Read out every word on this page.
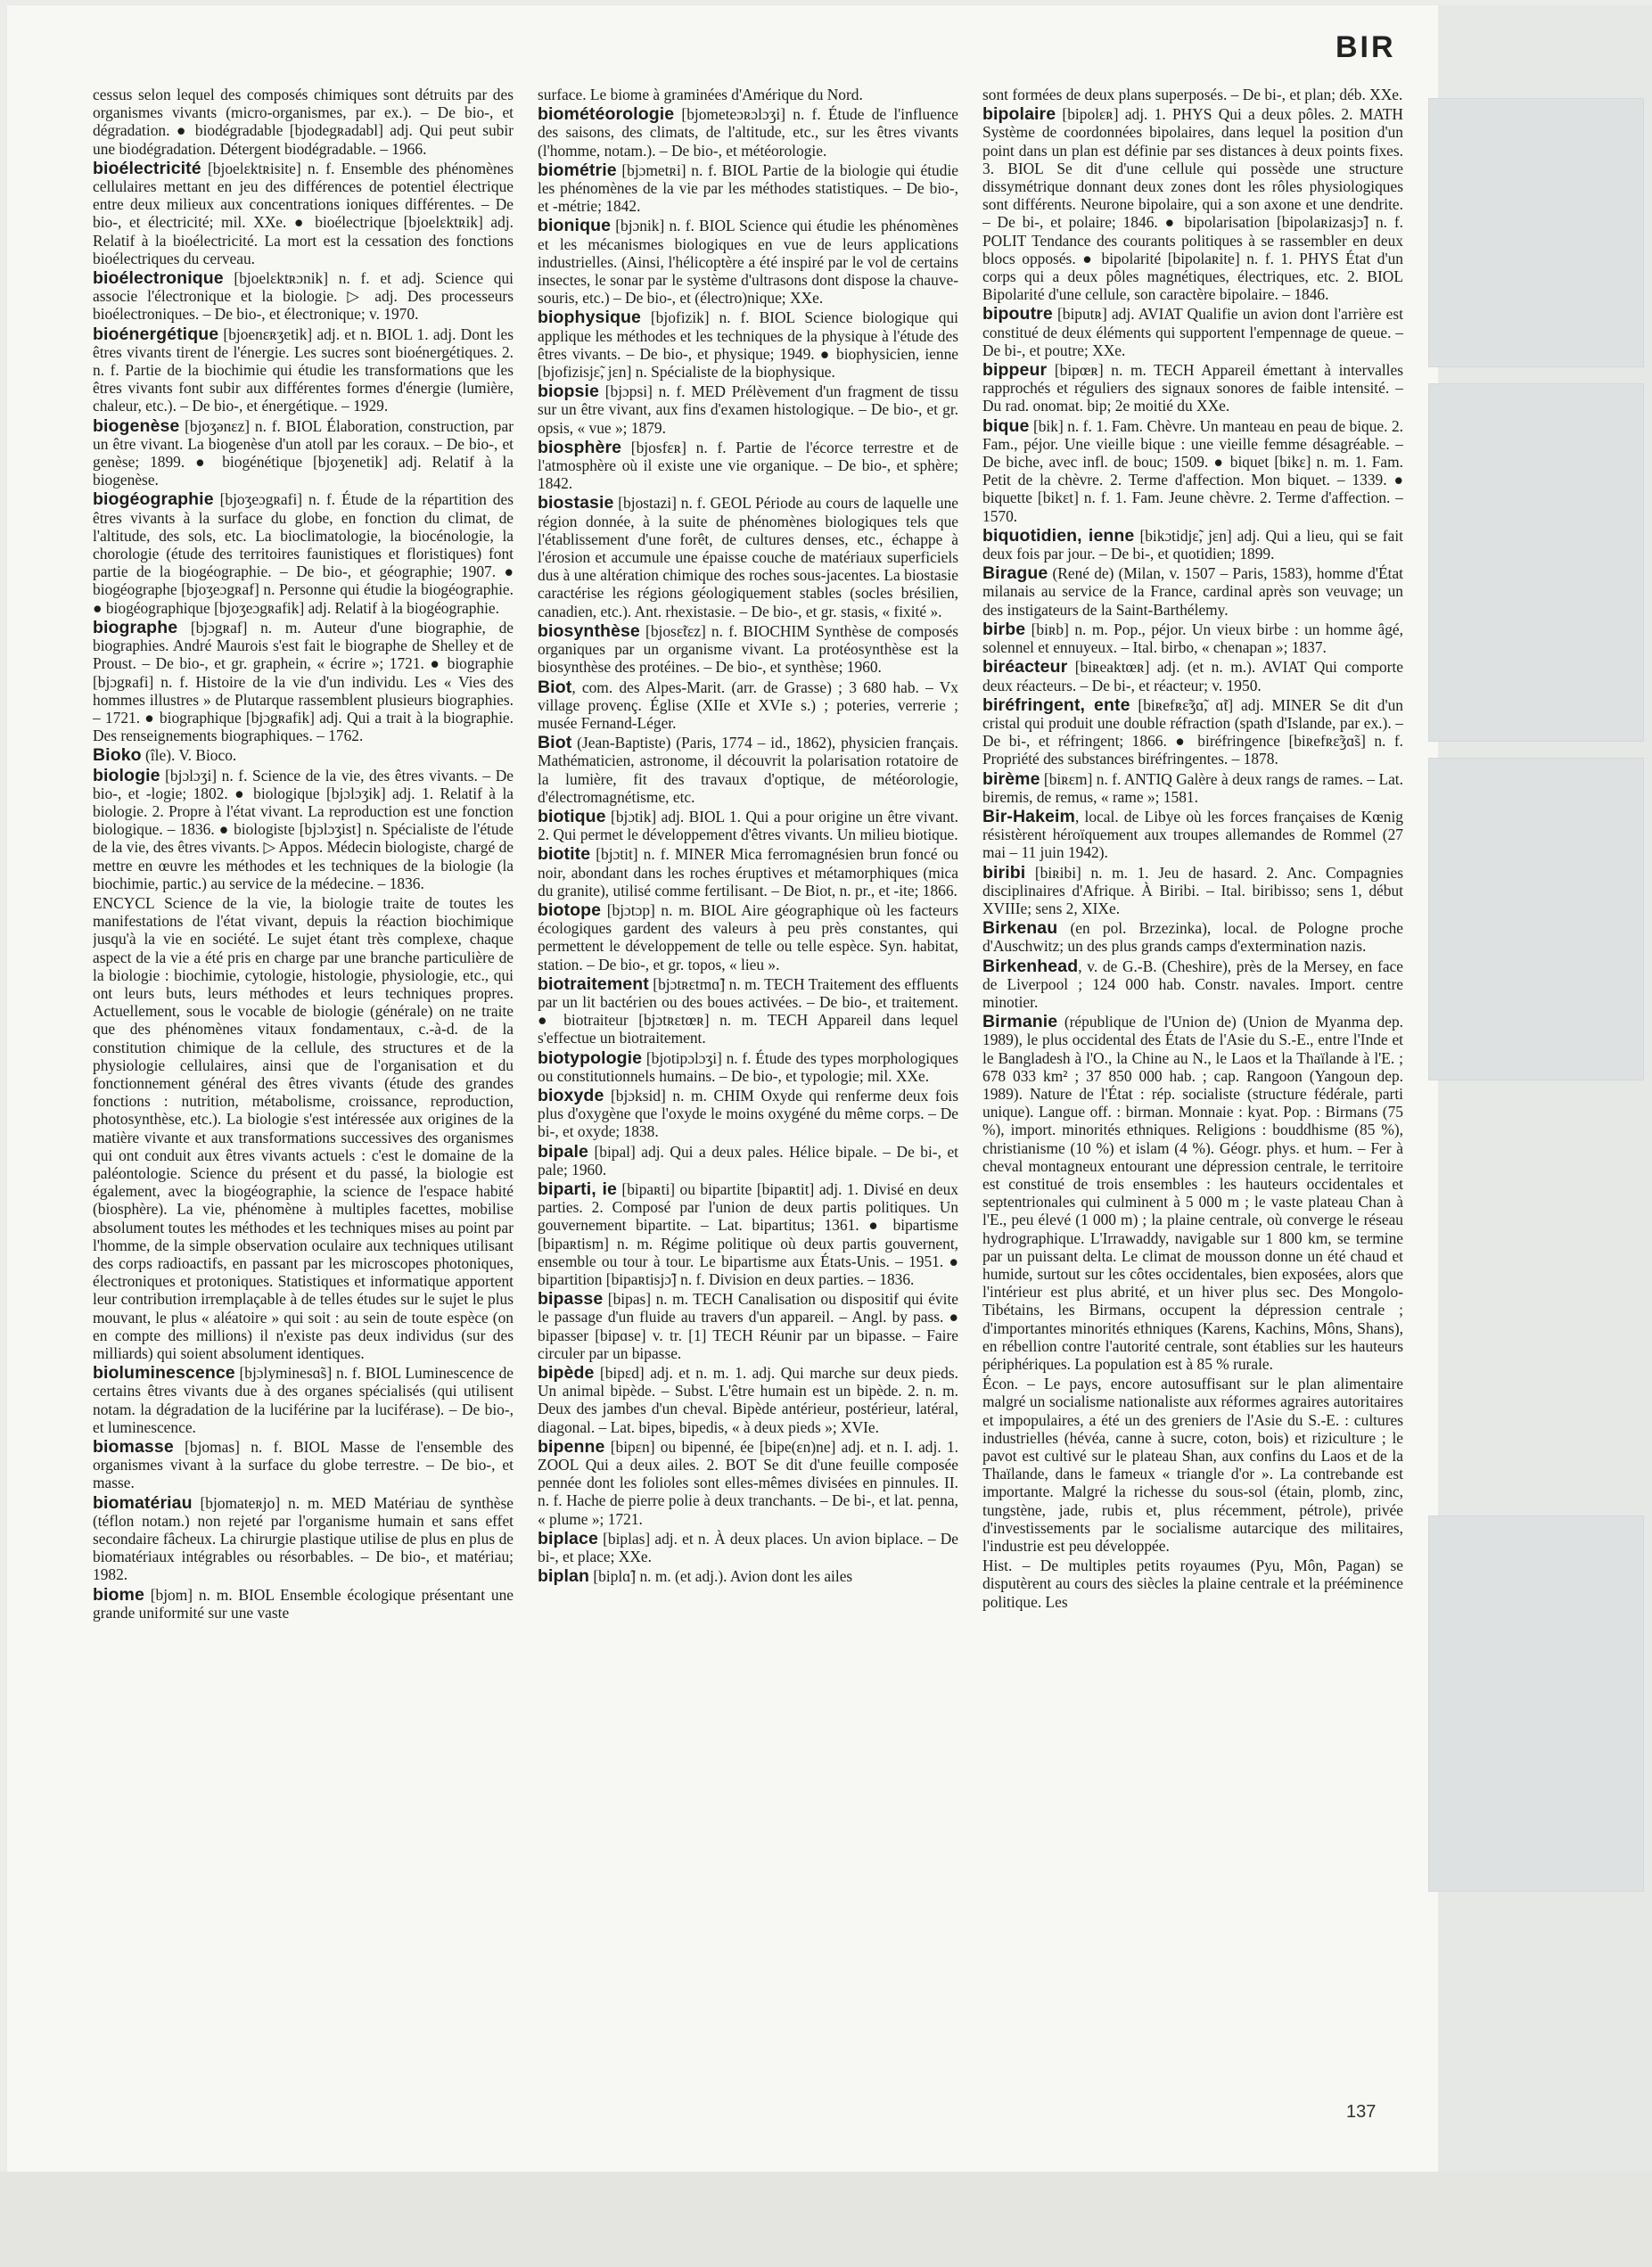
BIR

cessus selon lequel des composés chimiques sont détruits par des organismes vivants (micro-organismes, par ex.). – De bio-, et dégradation. ● biodégradable [bjodegʀadabl] adj. Qui peut subir une biodégradation. Détergent biodégradable. – 1966.

bioélectricité [bjoelɛktʀisite] n. f. Ensemble des phénomènes cellulaires mettant en jeu des différences de potentiel électrique entre deux milieux aux concentrations ioniques différentes. – De bio-, et électricité; mil. XXe. ● bioélectrique [bjoelɛktʀik] adj. Relatif à la bioélectricité. La mort est la cessation des fonctions bioélectriques du cerveau.

bioélectronique [bjoelɛktʀɔnik] n. f. et adj. Science qui associe l'électronique et la biologie. ▷ adj. Des processeurs bioélectroniques. – De bio-, et électronique; v. 1970.

bioénergétique [bjoenɛʀʒetik] adj. et n. BIOL 1. adj. Dont les êtres vivants tirent de l'énergie. Les sucres sont bioénergétiques. 2. n. f. Partie de la biochimie qui étudie les transformations que les êtres vivants font subir aux différentes formes d'énergie (lumière, chaleur, etc.). – De bio-, et énergétique. – 1929.

biogenèse [bjoʒənɛz] n. f. BIOL Élaboration, construction, par un être vivant. La biogenèse d'un atoll par les coraux. – De bio-, et genèse; 1899. ● biogénétique [bjoʒenetik] adj. Relatif à la biogenèse.

biogéographie [bjoʒeɔgʀafi] n. f. Étude de la répartition des êtres vivants à la surface du globe, en fonction du climat, de l'altitude, des sols, etc. La bioclimatologie, la biocénologie, la chorologie (étude des territoires faunistiques et floristiques) font partie de la biogéographie. – De bio-, et géographie; 1907. ● biogéographe [bjoʒeɔgʀaf] n. Personne qui étudie la biogéographie. ● biogéographique [bjoʒeɔgʀafik] adj. Relatif à la biogéographie.

biographe [bjɔgʀaf] n. m. Auteur d'une biographie, de biographies. André Maurois s'est fait le biographe de Shelley et de Proust. – De bio-, et gr. graphein, « écrire »; 1721. ● biographie [bjɔgʀafi] n. f. Histoire de la vie d'un individu. Les « Vies des hommes illustres » de Plutarque rassemblent plusieurs biographies. – 1721. ● biographique [bjɔgʀafik] adj. Qui a trait à la biographie. Des renseignements biographiques. – 1762.

Bioko (île). V. Bioco.

biologie [bjɔlɔʒi] n. f. Science de la vie, des êtres vivants. – De bio-, et -logie; 1802. ● biologique [bjɔlɔʒik] adj. 1. Relatif à la biologie. 2. Propre à l'état vivant. La reproduction est une fonction biologique. – 1836. ● biologiste [bjɔlɔʒist] n. Spécialiste de l'étude de la vie, des êtres vivants. ▷ Appos. Médecin biologiste, chargé de mettre en œuvre les méthodes et les techniques de la biologie (la biochimie, partic.) au service de la médecine. – 1836.

ENCYCL Science de la vie, la biologie traite de toutes les manifestations de l'état vivant, depuis la réaction biochimique jusqu'à la vie en société. Le sujet étant très complexe, chaque aspect de la vie a été pris en charge par une branche particulière de la biologie : biochimie, cytologie, histologie, physiologie, etc., qui ont leurs buts, leurs méthodes et leurs techniques propres. Actuellement, sous le vocable de biologie (générale) on ne traite que des phénomènes vitaux fondamentaux, c.-à-d. de la constitution chimique de la cellule, des structures et de la physiologie cellulaires, ainsi que de l'organisation et du fonctionnement général des êtres vivants (étude des grandes fonctions : nutrition, métabolisme, croissance, reproduction, photosynthèse, etc.). La biologie s'est intéressée aux origines de la matière vivante et aux transformations successives des organismes qui ont conduit aux êtres vivants actuels : c'est le domaine de la paléontologie. Science du présent et du passé, la biologie est également, avec la biogéographie, la science de l'espace habité (biosphère). La vie, phénomène à multiples facettes, mobilise absolument toutes les méthodes et les techniques mises au point par l'homme, de la simple observation oculaire aux techniques utilisant des corps radioactifs, en passant par les microscopes photoniques, électroniques et protoniques. Statistiques et informatique apportent leur contribution irremplaçable à de telles études sur le sujet le plus mouvant, le plus « aléatoire » qui soit : au sein de toute espèce (on en compte des millions) il n'existe pas deux individus (sur des milliards) qui soient absolument identiques.

bioluminescence [bjɔlyminesɑ̃s] n. f. BIOL Luminescence de certains êtres vivants due à des organes spécialisés (qui utilisent notam. la dégradation de la luciférine par la luciférase). – De bio-, et luminescence.

biomasse [bjomas] n. f. BIOL Masse de l'ensemble des organismes vivant à la surface du globe terrestre. – De bio-, et masse.

biomatériau [bjomateʀjo] n. m. MED Matériau de synthèse (téflon notam.) non rejeté par l'organisme humain et sans effet secondaire fâcheux. La chirurgie plastique utilise de plus en plus de biomatériaux intégrables ou résorbables. – De bio-, et matériau; 1982.

biome [bjom] n. m. BIOL Ensemble écologique présentant une grande uniformité sur une vaste

surface. Le biome à graminées d'Amérique du Nord.

biométéorologie [bjometeɔʀɔlɔʒi] n. f. Étude de l'influence des saisons, des climats, de l'altitude, etc., sur les êtres vivants (l'homme, notam.). – De bio-, et météorologie.

biométrie [bjɔmetʀi] n. f. BIOL Partie de la biologie qui étudie les phénomènes de la vie par les méthodes statistiques. – De bio-, et -métrie; 1842.

bionique [bjɔnik] n. f. BIOL Science qui étudie les phénomènes et les mécanismes biologiques en vue de leurs applications industrielles. (Ainsi, l'hélicoptère a été inspiré par le vol de certains insectes, le sonar par le système d'ultrasons dont dispose la chauve-souris, etc.) – De bio-, et (électro)nique; XXe.

biophysique [bjofizik] n. f. BIOL Science biologique qui applique les méthodes et les techniques de la physique à l'étude des êtres vivants. – De bio-, et physique; 1949. ● biophysicien, ienne [bjofizisjɛ̃, jɛn] n. Spécialiste de la biophysique.

biopsie [bjɔpsi] n. f. MED Prélèvement d'un fragment de tissu sur un être vivant, aux fins d'examen histologique. – De bio-, et gr. opsis, « vue »; 1879.

biosphère [bjosfɛʀ] n. f. Partie de l'écorce terrestre et de l'atmosphère où il existe une vie organique. – De bio-, et sphère; 1842.

biostasie [bjostazi] n. f. GEOL Période au cours de laquelle une région donnée, à la suite de phénomènes biologiques tels que l'établissement d'une forêt, de cultures denses, etc., échappe à l'érosion et accumule une épaisse couche de matériaux superficiels dus à une altération chimique des roches sous-jacentes. La biostasie caractérise les régions géologiquement stables (socles brésilien, canadien, etc.). Ant. rhexistasie. – De bio-, et gr. stasis, « fixité ».

biosynthèse [bjosɛ̃tɛz] n. f. BIOCHIM Synthèse de composés organiques par un organisme vivant. La protéosynthèse est la biosynthèse des protéines. – De bio-, et synthèse; 1960.

Biot, com. des Alpes-Marit. (arr. de Grasse) ; 3 680 hab. – Vx village provenç. Église (XIIe et XVIe s.) ; poteries, verrerie ; musée Fernand-Léger.

Biot (Jean-Baptiste) (Paris, 1774 – id., 1862), physicien français. Mathématicien, astronome, il découvrit la polarisation rotatoire de la lumière, fit des travaux d'optique, de météorologie, d'électromagnétisme, etc.

biotique [bjɔtik] adj. BIOL 1. Qui a pour origine un être vivant. 2. Qui permet le développement d'êtres vivants. Un milieu biotique.

biotite [bjɔtit] n. f. MINER Mica ferromagnésien brun foncé ou noir, abondant dans les roches éruptives et métamorphiques (mica du granite), utilisé comme fertilisant. – De Biot, n. pr., et -ite; 1866.

biotope [bjɔtɔp] n. m. BIOL Aire géographique où les facteurs écologiques gardent des valeurs à peu près constantes, qui permettent le développement de telle ou telle espèce. Syn. habitat, station. – De bio-, et gr. topos, « lieu ».

biotraitement [bjɔtʀɛtmɑ̃] n. m. TECH Traitement des effluents par un lit bactérien ou des boues activées. – De bio-, et traitement. ● biotraiteur [bjɔtʀɛtœʀ] n. m. TECH Appareil dans lequel s'effectue un biotraitement.

biotypologie [bjotipɔlɔʒi] n. f. Étude des types morphologiques ou constitutionnels humains. – De bio-, et typologie; mil. XXe.

bioxyde [bjɔksid] n. m. CHIM Oxyde qui renferme deux fois plus d'oxygène que l'oxyde le moins oxygéné du même corps. – De bi-, et oxyde; 1838.

bipale [bipal] adj. Qui a deux pales. Hélice bipale. – De bi-, et pale; 1960.

biparti, ie [bipaʀti] ou bipartite [bipaʀtit] adj. 1. Divisé en deux parties. 2. Composé par l'union de deux partis politiques. Un gouvernement bipartite. – Lat. bipartitus; 1361. ● bipartisme [bipaʀtism] n. m. Régime politique où deux partis gouvernent, ensemble ou tour à tour. Le bipartisme aux États-Unis. – 1951. ● bipartition [bipaʀtisjɔ̃] n. f. Division en deux parties. – 1836.

bipasse [bipas] n. m. TECH Canalisation ou dispositif qui évite le passage d'un fluide au travers d'un appareil. – Angl. by pass. ● bipasser [bipɑse] v. tr. [1] TECH Réunir par un bipasse. – Faire circuler par un bipasse.

bipède [bipɛd] adj. et n. m. 1. adj. Qui marche sur deux pieds. Un animal bipède. – Subst. L'être humain est un bipède. 2. n. m. Deux des jambes d'un cheval. Bipède antérieur, postérieur, latéral, diagonal. – Lat. bipes, bipedis, « à deux pieds »; XVIe.

bipenne [bipɛn] ou bipenné, ée [bipe(ɛn)ne] adj. et n. I. adj. 1. ZOOL Qui a deux ailes. 2. BOT Se dit d'une feuille composée pennée dont les folioles sont elles-mêmes divisées en pinnules. II. n. f. Hache de pierre polie à deux tranchants. – De bi-, et lat. penna, « plume »; 1721.

biplace [biplas] adj. et n. À deux places. Un avion biplace. – De bi-, et place; XXe.

biplan [biplɑ̃] n. m. (et adj.). Avion dont les ailes

sont formées de deux plans superposés. – De bi-, et plan; déb. XXe.

bipolaire [bipolɛʀ] adj. 1. PHYS Qui a deux pôles. 2. MATH Système de coordonnées bipolaires, dans lequel la position d'un point dans un plan est définie par ses distances à deux points fixes. 3. BIOL Se dit d'une cellule qui possède une structure dissymétrique donnant deux zones dont les rôles physiologiques sont différents. Neurone bipolaire, qui a son axone et une dendrite. – De bi-, et polaire; 1846. ● bipolarisation [bipolaʀizasjɔ̃] n. f. POLIT Tendance des courants politiques à se rassembler en deux blocs opposés. ● bipolarité [bipolaʀite] n. f. 1. PHYS État d'un corps qui a deux pôles magnétiques, électriques, etc. 2. BIOL Bipolarité d'une cellule, son caractère bipolaire. – 1846.

bipoutre [biputʀ] adj. AVIAT Qualifie un avion dont l'arrière est constitué de deux éléments qui supportent l'empennage de queue. – De bi-, et poutre; XXe.

bippeur [bipœʀ] n. m. TECH Appareil émettant à intervalles rapprochés et réguliers des signaux sonores de faible intensité. – Du rad. onomat. bip; 2e moitié du XXe.

bique [bik] n. f. 1. Fam. Chèvre. Un manteau en peau de bique. 2. Fam., péjor. Une vieille bique : une vieille femme désagréable. – De biche, avec infl. de bouc; 1509. ● biquet [bikɛ] n. m. 1. Fam. Petit de la chèvre. 2. Terme d'affection. Mon biquet. – 1339. ● biquette [bikɛt] n. f. 1. Fam. Jeune chèvre. 2. Terme d'affection. – 1570.

biquotidien, ienne [bikɔtidjɛ̃, jɛn] adj. Qui a lieu, qui se fait deux fois par jour. – De bi-, et quotidien; 1899.

Birague (René de) (Milan, v. 1507 – Paris, 1583), homme d'État milanais au service de la France, cardinal après son veuvage; un des instigateurs de la Saint-Barthélemy.

birbe [biʀb] n. m. Pop., péjor. Un vieux birbe : un homme âgé, solennel et ennuyeux. – Ital. birbo, « chenapan »; 1837.

biréacteur [biʀeaktœʀ] adj. (et n. m.). AVIAT Qui comporte deux réacteurs. – De bi-, et réacteur; v. 1950.

biréfringent, ente [biʀefʀɛ̃ʒɑ̃, ɑ̃t] adj. MINER Se dit d'un cristal qui produit une double réfraction (spath d'Islande, par ex.). – De bi-, et réfringent; 1866. ● biréfringence [biʀefʀɛ̃ʒɑ̃s] n. f. Propriété des substances biréfringentes. – 1878.

birème [biʀɛm] n. f. ANTIQ Galère à deux rangs de rames. – Lat. biremis, de remus, « rame »; 1581.

Bir-Hakeim, local. de Libye où les forces françaises de Kœnig résistèrent héroïquement aux troupes allemandes de Rommel (27 mai – 11 juin 1942).

biribi [biʀibi] n. m. 1. Jeu de hasard. 2. Anc. Compagnies disciplinaires d'Afrique. À Biribi. – Ital. biribisso; sens 1, début XVIIIe; sens 2, XIXe.

Birkenau (en pol. Brzezinka), local. de Pologne proche d'Auschwitz; un des plus grands camps d'extermination nazis.

Birkenhead, v. de G.-B. (Cheshire), près de la Mersey, en face de Liverpool ; 124 000 hab. Constr. navales. Import. centre minotier.

Birmanie (république de l'Union de) (Union de Myanma dep. 1989), le plus occidental des États de l'Asie du S.-E., entre l'Inde et le Bangladesh à l'O., la Chine au N., le Laos et la Thaïlande à l'E. ; 678 033 km² ; 37 850 000 hab. ; cap. Rangoon (Yangoun dep. 1989). Nature de l'État : rép. socialiste (structure fédérale, parti unique). Langue off. : birman. Monnaie : kyat. Pop. : Birmans (75 %), import. minorités ethniques. Religions : bouddhisme (85 %), christianisme (10 %) et islam (4 %). Géogr. phys. et hum. – Fer à cheval montagneux entourant une dépression centrale, le territoire est constitué de trois ensembles : les hauteurs occidentales et septentrionales qui culminent à 5 000 m ; le vaste plateau Chan à l'E., peu élevé (1 000 m) ; la plaine centrale, où converge le réseau hydrographique. L'Irrawaddy, navigable sur 1 800 km, se termine par un puissant delta. Le climat de mousson donne un été chaud et humide, surtout sur les côtes occidentales, bien exposées, alors que l'intérieur est plus abrité, et un hiver plus sec. Des Mongolo-Tibétains, les Birmans, occupent la dépression centrale ; d'importantes minorités ethniques (Karens, Kachins, Môns, Shans), en rébellion contre l'autorité centrale, sont établies sur les hauteurs périphériques. La population est à 85 % rurale.

Écon. – Le pays, encore autosuffisant sur le plan alimentaire malgré un socialisme nationaliste aux réformes agraires autoritaires et impopulaires, a été un des greniers de l'Asie du S.-E. : cultures industrielles (hévéa, canne à sucre, coton, bois) et riziculture ; le pavot est cultivé sur le plateau Shan, aux confins du Laos et de la Thaïlande, dans le fameux « triangle d'or ». La contrebande est importante. Malgré la richesse du sous-sol (étain, plomb, zinc, tungstène, jade, rubis et, plus récemment, pétrole), privée d'investissements par le socialisme autarcique des militaires, l'industrie est peu développée.

Hist. – De multiples petits royaumes (Pyu, Môn, Pagan) se disputèrent au cours des siècles la plaine centrale et la prééminence politique. Les

137
